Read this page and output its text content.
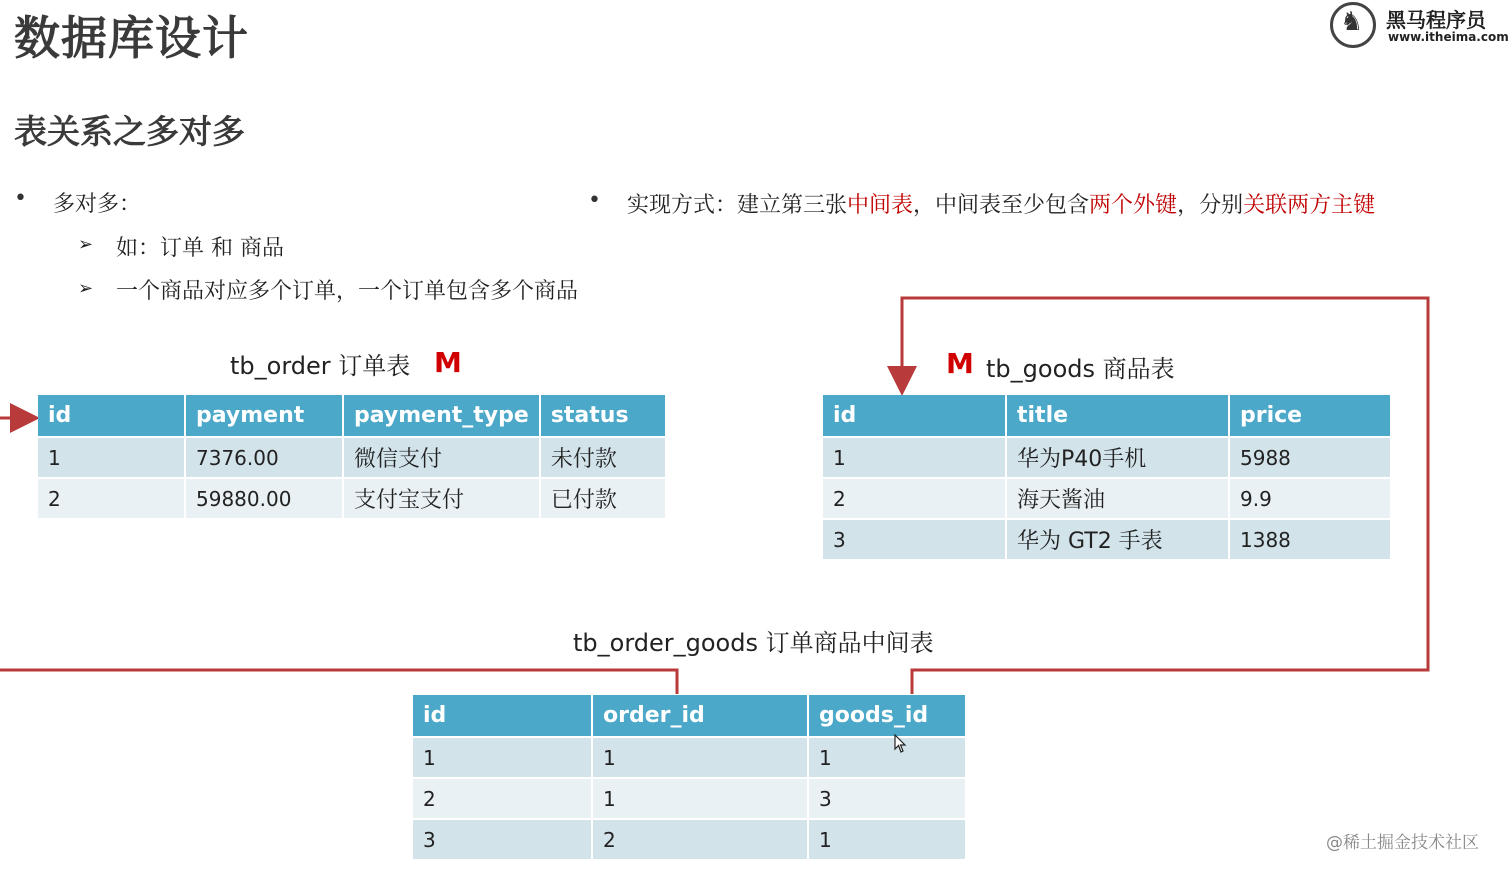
数据库设计
表关系之多对多
♞ 黑马程序员
www.itheima.com
• 多对多：
➢ 如：订单 和 商品
➢ 一个商品对应多个订单，一个订单包含多个商品
• 实现方式：建立第三张中间表，中间表至少包含两个外键，分别关联两方主键
tb_order 订单表 M
id	payment	payment_type	status
1	7376.00	微信支付	未付款
2	59880.00	支付宝支付	已付款
M tb_goods 商品表
id	title	price
1	华为P40手机	5988
2	海天酱油	9.9
3	华为 GT2 手表	1388
tb_order_goods 订单商品中间表
id	order_id	goods_id
1	1	1
2	1	3
3	2	1	@稀土掘金技术社区
